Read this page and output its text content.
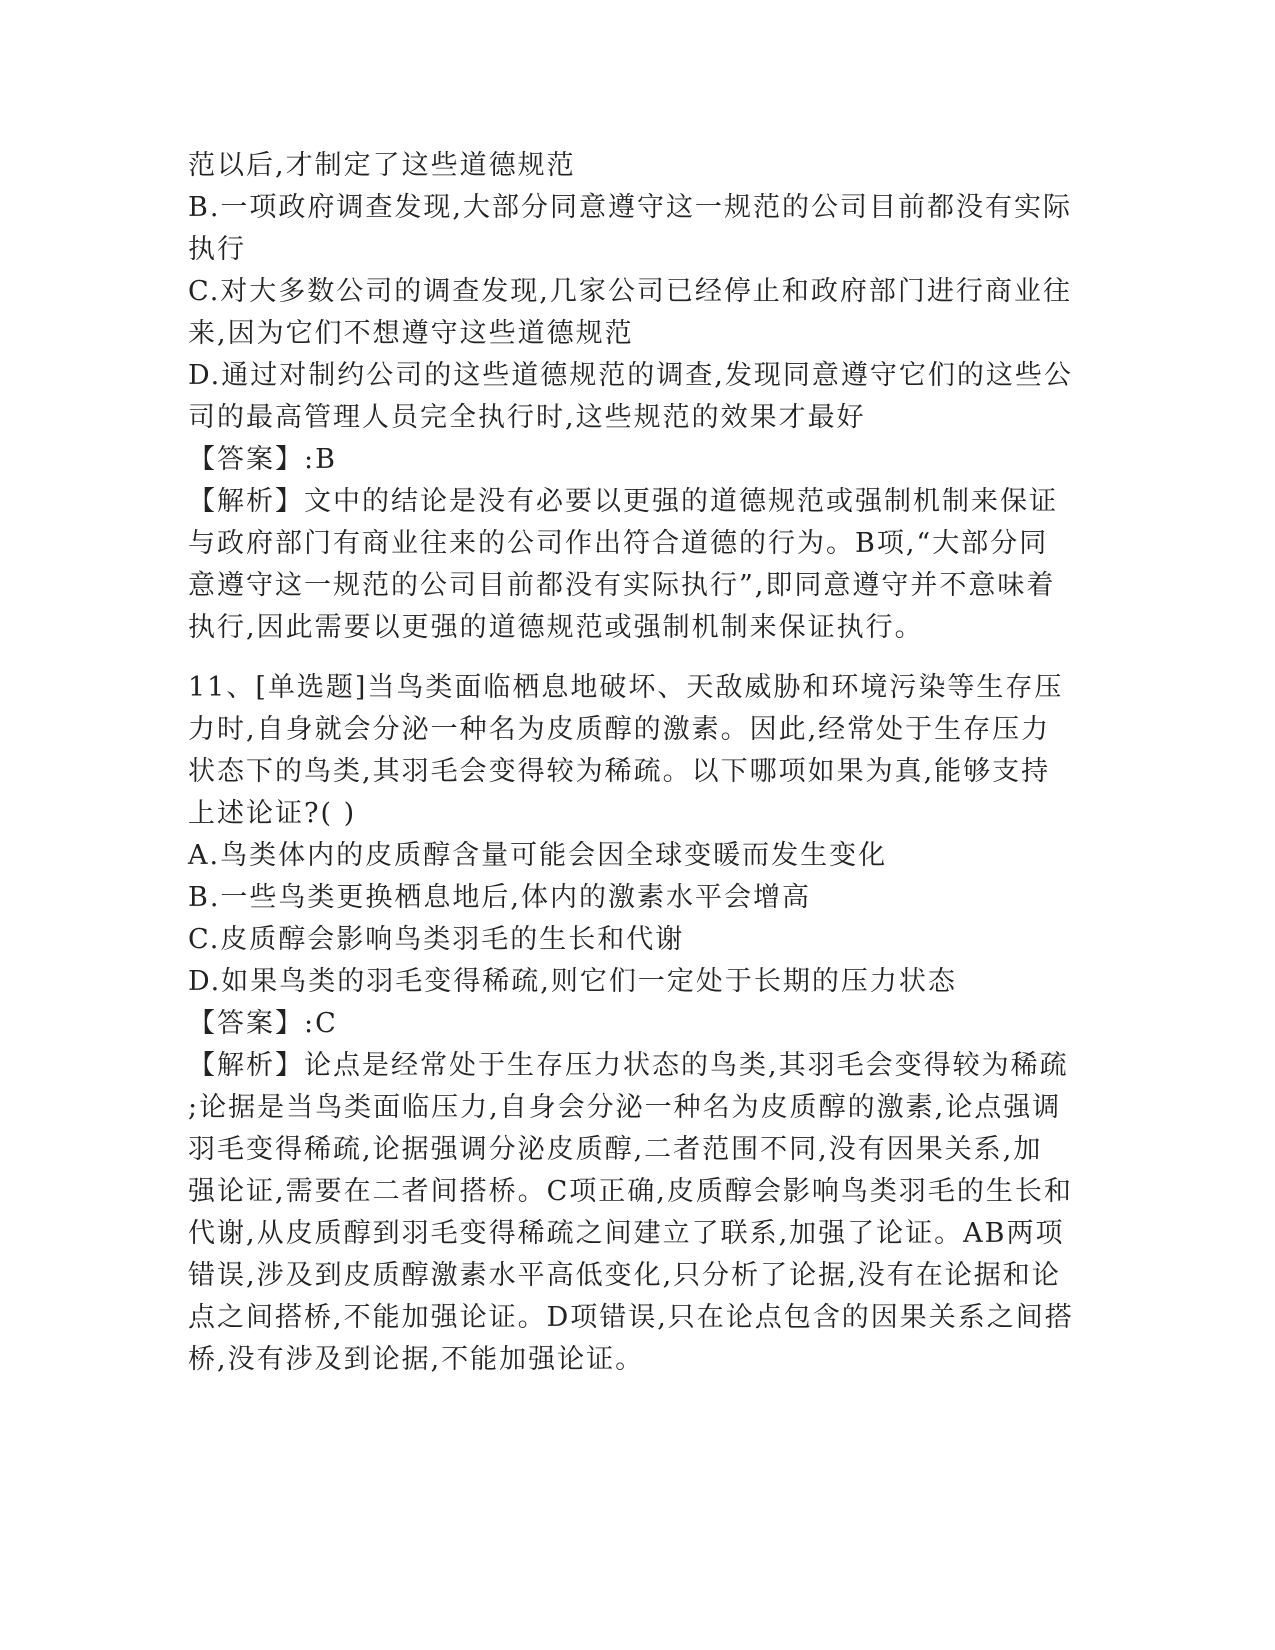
范以后,才制定了这些道德规范
B.一项政府调查发现,大部分同意遵守这一规范的公司目前都没有实际
执行
C.对大多数公司的调查发现,几家公司已经停止和政府部门进行商业往
来,因为它们不想遵守这些道德规范
D.通过对制约公司的这些道德规范的调查,发现同意遵守它们的这些公
司的最高管理人员完全执行时,这些规范的效果才最好
【答案】:B
【解析】文中的结论是没有必要以更强的道德规范或强制机制来保证
与政府部门有商业往来的公司作出符合道德的行为。B项,“大部分同
意遵守这一规范的公司目前都没有实际执行”,即同意遵守并不意味着
执行,因此需要以更强的道德规范或强制机制来保证执行。
11、[单选题]当鸟类面临栖息地破坏、天敌威胁和环境污染等生存压
力时,自身就会分泌一种名为皮质醇的激素。因此,经常处于生存压力
状态下的鸟类,其羽毛会变得较为稀疏。以下哪项如果为真,能够支持
上述论证?( )
A.鸟类体内的皮质醇含量可能会因全球变暖而发生变化
B.一些鸟类更换栖息地后,体内的激素水平会增高
C.皮质醇会影响鸟类羽毛的生长和代谢
D.如果鸟类的羽毛变得稀疏,则它们一定处于长期的压力状态
【答案】:C
【解析】论点是经常处于生存压力状态的鸟类,其羽毛会变得较为稀疏
;论据是当鸟类面临压力,自身会分泌一种名为皮质醇的激素,论点强调
羽毛变得稀疏,论据强调分泌皮质醇,二者范围不同,没有因果关系,加
强论证,需要在二者间搭桥。C项正确,皮质醇会影响鸟类羽毛的生长和
代谢,从皮质醇到羽毛变得稀疏之间建立了联系,加强了论证。AB两项
错误,涉及到皮质醇激素水平高低变化,只分析了论据,没有在论据和论
点之间搭桥,不能加强论证。D项错误,只在论点包含的因果关系之间搭
桥,没有涉及到论据,不能加强论证。
